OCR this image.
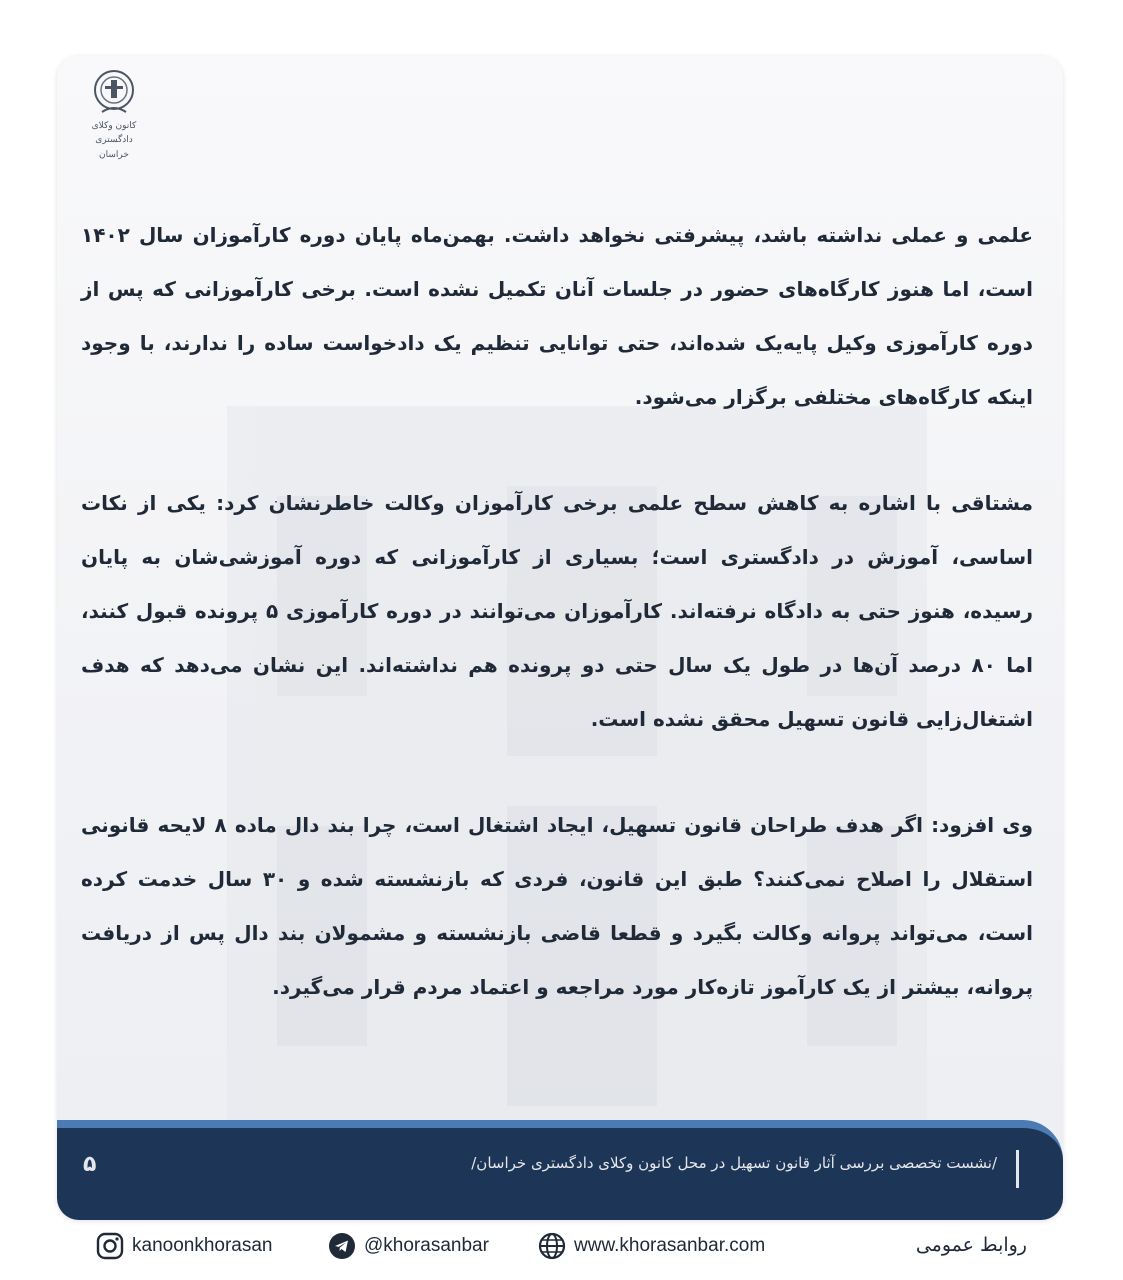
کانون وکلای دادگستری
خراسان

علمی و عملی نداشته باشد، پیشرفتی نخواهد داشت. بهمن‌ماه پایان دوره کارآموزان سال ۱۴۰۲ است، اما هنوز کارگاه‌های حضور در جلسات آنان تکمیل نشده است. برخی کارآموزانی که پس از دوره کارآموزی وکیل پایه‌یک شده‌اند، حتی توانایی تنظیم یک دادخواست ساده را ندارند، با وجود اینکه کارگاه‌های مختلفی برگزار می‌شود.

مشتاقی با اشاره به کاهش سطح علمی برخی کارآموزان وکالت خاطرنشان کرد: یکی از نکات اساسی، آموزش در دادگستری است؛ بسیاری از کارآموزانی که دوره آموزشی‌شان به پایان رسیده، هنوز حتی به دادگاه نرفته‌اند. کارآموزان می‌توانند در دوره کارآموزی ۵ پرونده قبول کنند، اما ۸۰ درصد آن‌ها در طول یک سال حتی دو پرونده هم نداشته‌اند. این نشان می‌دهد که هدف اشتغال‌زایی قانون تسهیل محقق نشده است.

وی افزود: اگر هدف طراحان قانون تسهیل، ایجاد اشتغال است، چرا بند دال ماده ۸ لایحه قانونی استقلال را اصلاح نمی‌کنند؟ طبق این قانون، فردی که بازنشسته شده و ۳۰ سال خدمت کرده است، می‌تواند پروانه وکالت بگیرد و قطعا قاضی بازنشسته و مشمولان بند دال پس از دریافت پروانه، بیشتر از یک کارآموز تازه‌کار مورد مراجعه و اعتماد مردم قرار می‌گیرد.

۵	/نشست تخصصی بررسی آثار قانون تسهیل در محل کانون وکلای دادگستری خراسان/
kanoonkhorasan	@khorasanbar	www.khorasanbar.com	روابط عمومی
